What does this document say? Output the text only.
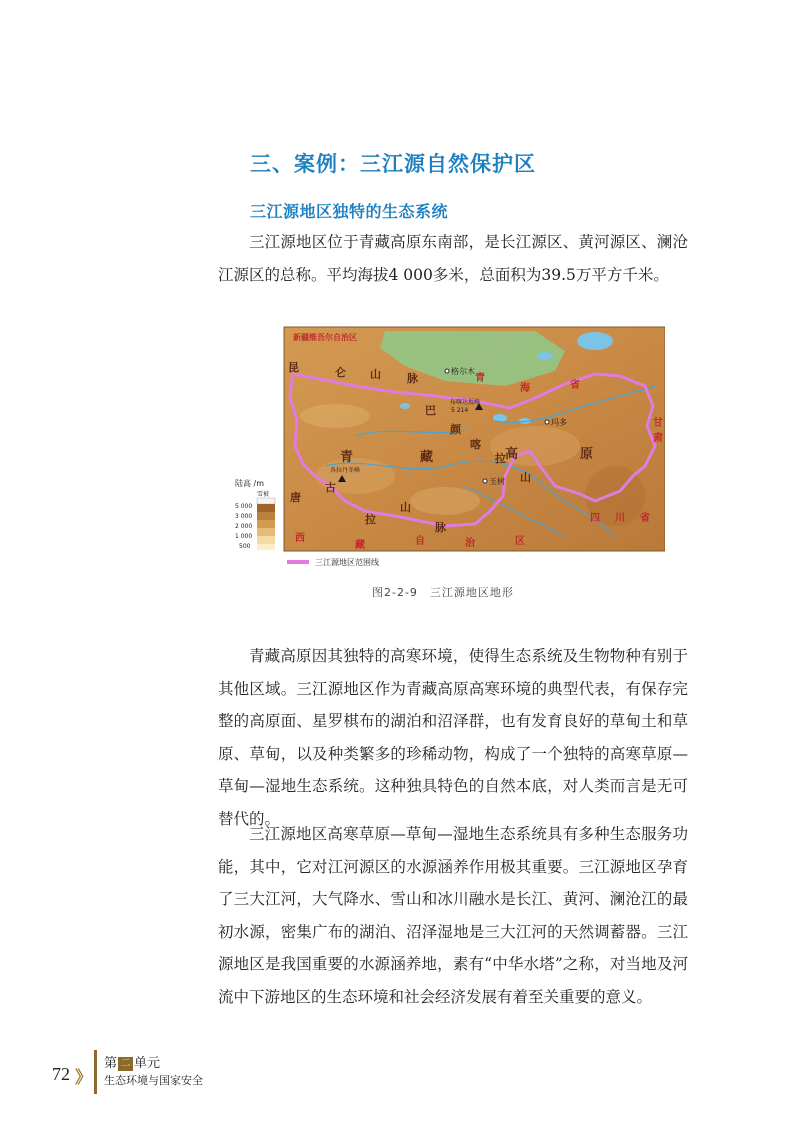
三、案例：三江源自然保护区
三江源地区独特的生态系统

三江源地区位于青藏高原东南部，是长江源区、黄河源区、澜沧江源区的总称。平均海拔4 000多米，总面积为39.5万平方千米。

新疆维吾尔自治区
昆	仑 山 脉
巴
颜
喀
拉
山
唐
古
拉
山
脉
青	藏	高	原
青
海	省
甘
肃
西
藏	自	治	区
四 川 省
格尔木
玛多
玉树
布喀达坂峰
5 214
各拉丹冬峰
陆高 /m
雪被
5 000
3 000
2 000
1 000
500
三江源地区范围线
图2-2-9　三江源地区地形

青藏高原因其独特的高寒环境，使得生态系统及生物物种有别于其他区域。三江源地区作为青藏高原高寒环境的典型代表，有保存完整的高原面、星罗棋布的湖泊和沼泽群，也有发育良好的草甸土和草原、草甸，以及种类繁多的珍稀动物，构成了一个独特的高寒草原—草甸—湿地生态系统。这种独具特色的自然本底，对人类而言是无可替代的。

三江源地区高寒草原—草甸—湿地生态系统具有多种生态服务功能，其中，它对江河源区的水源涵养作用极其重要。三江源地区孕育了三大江河，大气降水、雪山和冰川融水是长江、黄河、澜沧江的最初水源，密集广布的湖泊、沼泽湿地是三大江河的天然调蓄器。三江源地区是我国重要的水源涵养地，素有“中华水塔”之称，对当地及河流中下游地区的生态环境和社会经济发展有着至关重要的意义。

72 》
第 二 单元
生态环境与国家安全
